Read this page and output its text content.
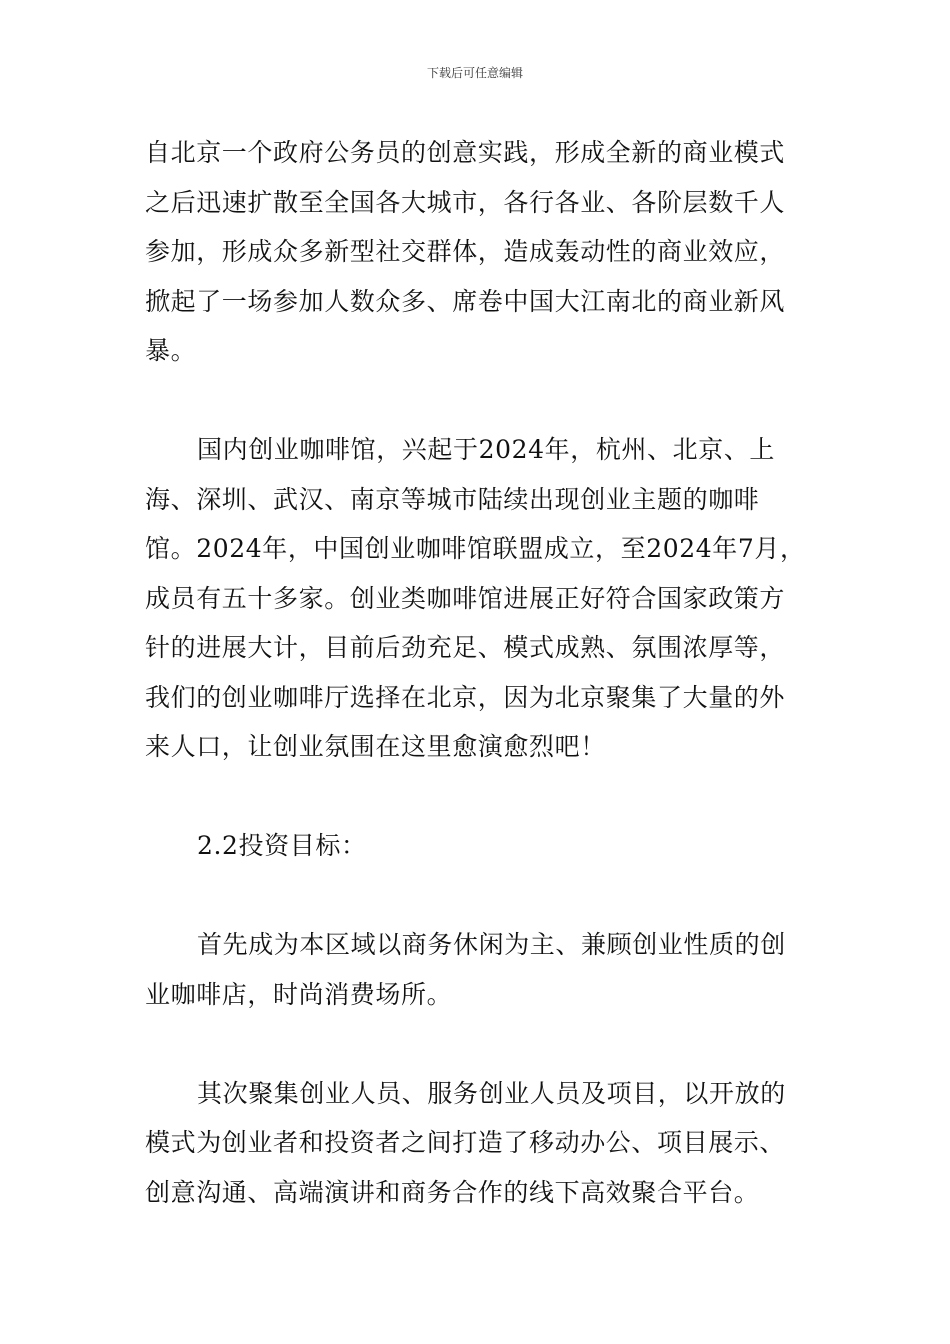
下载后可任意编辑

自北京一个政府公务员的创意实践，形成全新的商业模式之后迅速扩散至全国各大城市，各行各业、各阶层数千人参加，形成众多新型社交群体，造成轰动性的商业效应，掀起了一场参加人数众多、席卷中国大江南北的商业新风暴。

国内创业咖啡馆，兴起于2024年，杭州、北京、上海、深圳、武汉、南京等城市陆续出现创业主题的咖啡馆。2024年，中国创业咖啡馆联盟成立，至2024年7月，成员有五十多家。创业类咖啡馆进展正好符合国家政策方针的进展大计，目前后劲充足、模式成熟、氛围浓厚等，我们的创业咖啡厅选择在北京，因为北京聚集了大量的外来人口，让创业氛围在这里愈演愈烈吧！

2.2投资目标：

首先成为本区域以商务休闲为主、兼顾创业性质的创业咖啡店，时尚消费场所。

其次聚集创业人员、服务创业人员及项目，以开放的模式为创业者和投资者之间打造了移动办公、项目展示、创意沟通、高端演讲和商务合作的线下高效聚合平台。
